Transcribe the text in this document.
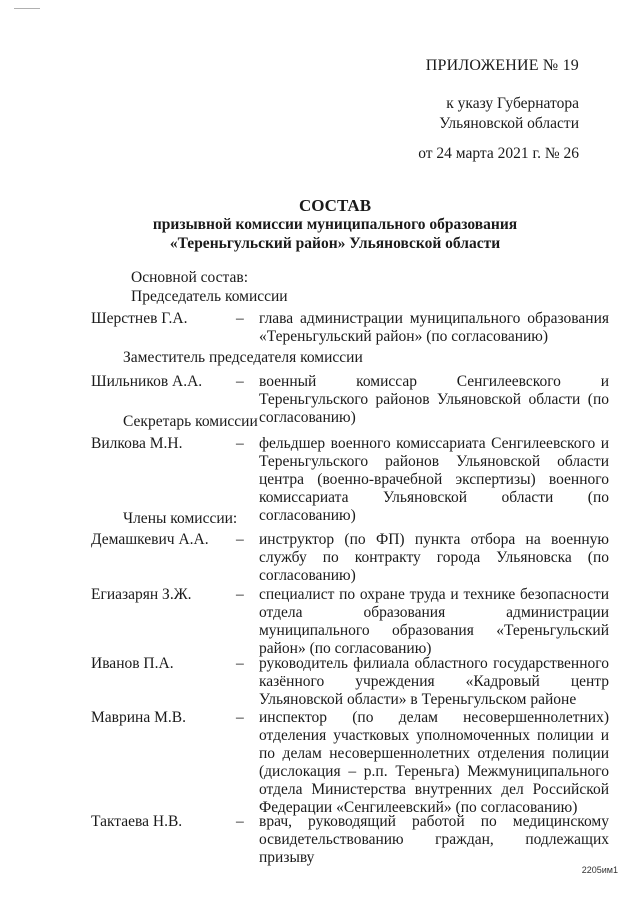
ПРИЛОЖЕНИЕ № 19
к указу Губернатора
Ульяновской области
от 24 марта 2021 г. № 26
СОСТАВ
призывной комиссии муниципального образования
«Тереньгульский район» Ульяновской области
Основной состав:
Председатель комиссии
Шерстнев Г.А.	– глава администрации муниципального образования «Тереньгульский район» (по согласованию)
Заместитель председателя комиссии
Шильников А.А. – военный комиссар Сенгилеевского и Тереньгульского районов Ульяновской области (по согласованию)
Секретарь комиссии
Вилкова М.Н.	– фельдшер военного комиссариата Сенгилеевского и Тереньгульского районов Ульяновской области центра (военно-врачебной экспертизы) военного комиссариата Ульяновской области (по согласованию)
Члены комиссии:
Демашкевич А.А. – инструктор (по ФП) пункта отбора на военную службу по контракту города Ульяновска (по согласованию)
Егиазарян З.Ж.	– специалист по охране труда и технике безопасности отдела образования администрации муниципального образования «Тереньгульский район» (по согласованию)
Иванов П.А.	– руководитель филиала областного государственного казённого учреждения «Кадровый центр Ульяновской области» в Тереньгульском районе
Маврина М.В.	– инспектор (по делам несовершеннолетних) отделения участковых уполномоченных полиции и по делам несовершеннолетних отделения полиции (дислокация – р.п. Тереньга) Межмуниципального отдела Министерства внутренних дел Российской Федерации «Сенгилеевский» (по согласованию)
Тактаева Н.В.	– врач, руководящий работой по медицинскому освидетельствованию граждан, подлежащих призыву
2205им1
